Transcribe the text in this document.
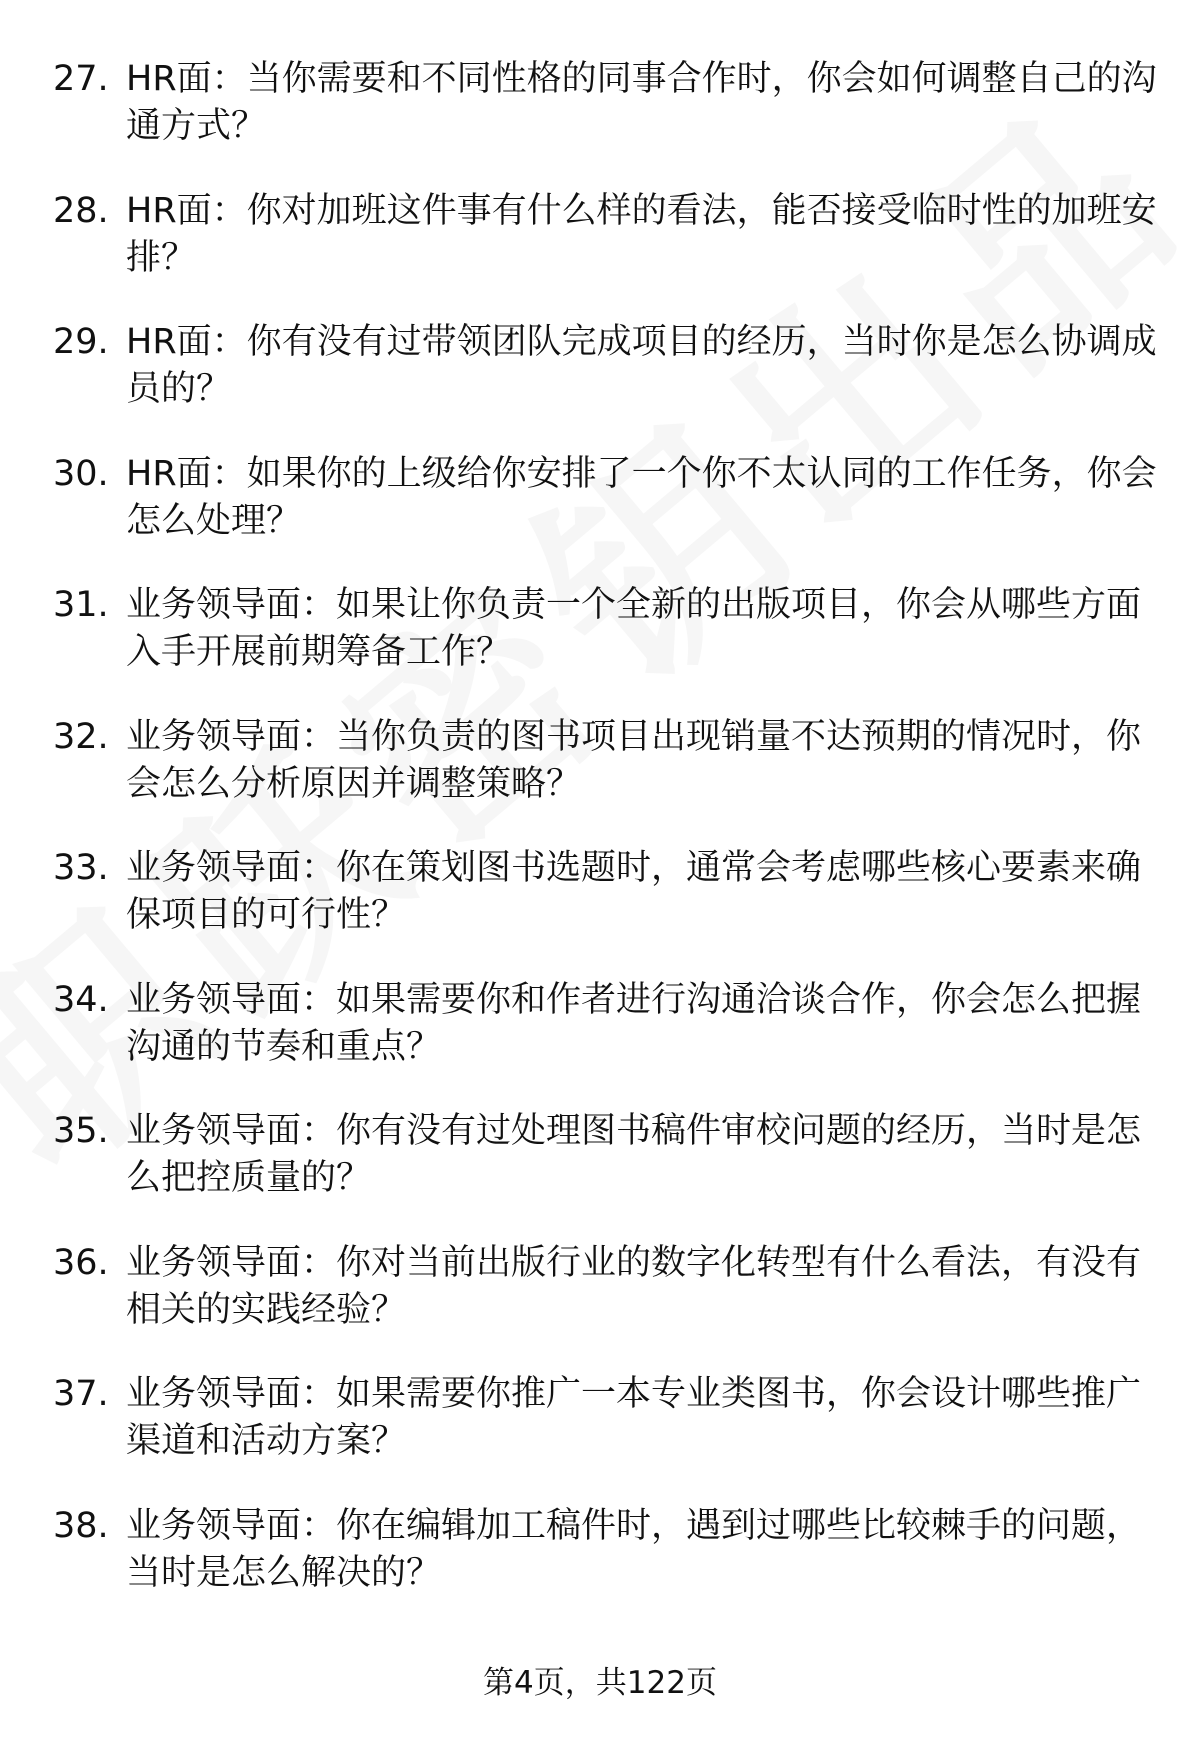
27. HR面：当你需要和不同性格的同事合作时，你会如何调整自己的沟通方式？
28. HR面：你对加班这件事有什么样的看法，能否接受临时性的加班安排？
29. HR面：你有没有过带领团队完成项目的经历，当时你是怎么协调成员的？
30. HR面：如果你的上级给你安排了一个你不太认同的工作任务，你会怎么处理？
31. 业务领导面：如果让你负责一个全新的出版项目，你会从哪些方面入手开展前期筹备工作？
32. 业务领导面：当你负责的图书项目出现销量不达预期的情况时，你会怎么分析原因并调整策略？
33. 业务领导面：你在策划图书选题时，通常会考虑哪些核心要素来确保项目的可行性？
34. 业务领导面：如果需要你和作者进行沟通洽谈合作，你会怎么把握沟通的节奏和重点？
35. 业务领导面：你有没有过处理图书稿件审校问题的经历，当时是怎么把控质量的？
36. 业务领导面：你对当前出版行业的数字化转型有什么看法，有没有相关的实践经验？
37. 业务领导面：如果需要你推广一本专业类图书，你会设计哪些推广渠道和活动方案？
38. 业务领导面：你在编辑加工稿件时，遇到过哪些比较棘手的问题，当时是怎么解决的？
第4页，共122页
